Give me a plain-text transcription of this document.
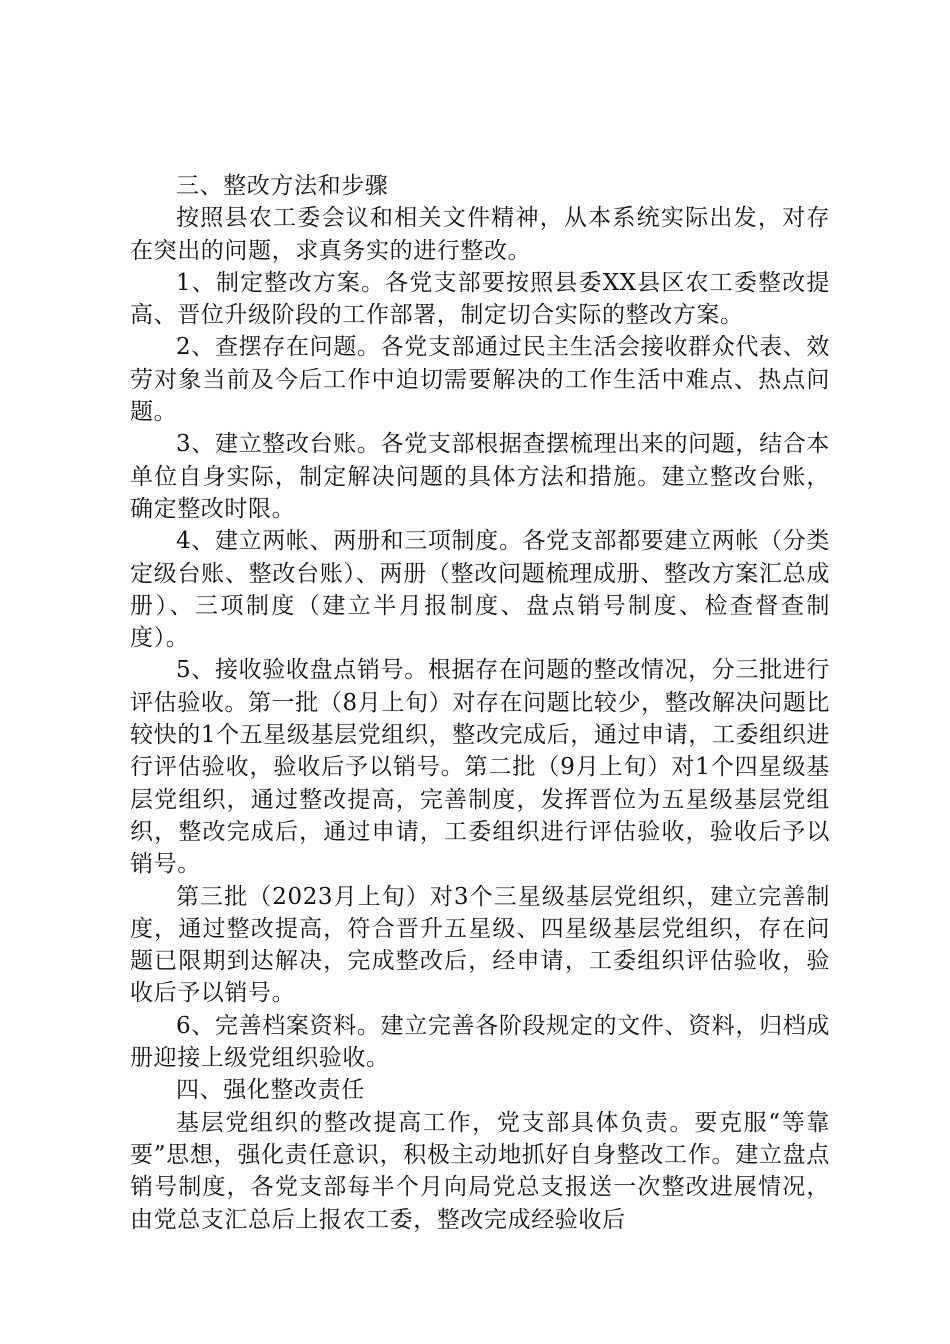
三、整改方法和步骤

按照县农工委会议和相关文件精神，从本系统实际出发，对存在突出的问题，求真务实的进行整改。

1、制定整改方案。各党支部要按照县委XX县区农工委整改提高、晋位升级阶段的工作部署，制定切合实际的整改方案。

2、查摆存在问题。各党支部通过民主生活会接收群众代表、效劳对象当前及今后工作中迫切需要解决的工作生活中难点、热点问题。

3、建立整改台账。各党支部根据查摆梳理出来的问题，结合本单位自身实际，制定解决问题的具体方法和措施。建立整改台账，确定整改时限。

4、建立两帐、两册和三项制度。各党支部都要建立两帐（分类定级台账、整改台账）、两册（整改问题梳理成册、整改方案汇总成册）、三项制度（建立半月报制度、盘点销号制度、检查督查制度）。

5、接收验收盘点销号。根据存在问题的整改情况，分三批进行评估验收。第一批（8月上旬）对存在问题比较少，整改解决问题比较快的1个五星级基层党组织，整改完成后，通过申请，工委组织进行评估验收，验收后予以销号。第二批（9月上旬）对1个四星级基层党组织，通过整改提高，完善制度，发挥晋位为五星级基层党组织，整改完成后，通过申请，工委组织进行评估验收，验收后予以销号。

第三批（2023月上旬）对3个三星级基层党组织，建立完善制度，通过整改提高，符合晋升五星级、四星级基层党组织，存在问题已限期到达解决，完成整改后，经申请，工委组织评估验收，验收后予以销号。

6、完善档案资料。建立完善各阶段规定的文件、资料，归档成册迎接上级党组织验收。

四、强化整改责任

基层党组织的整改提高工作，党支部具体负责。要克服“等靠要”思想，强化责任意识，积极主动地抓好自身整改工作。建立盘点销号制度，各党支部每半个月向局党总支报送一次整改进展情况，由党总支汇总后上报农工委，整改完成经验收后
